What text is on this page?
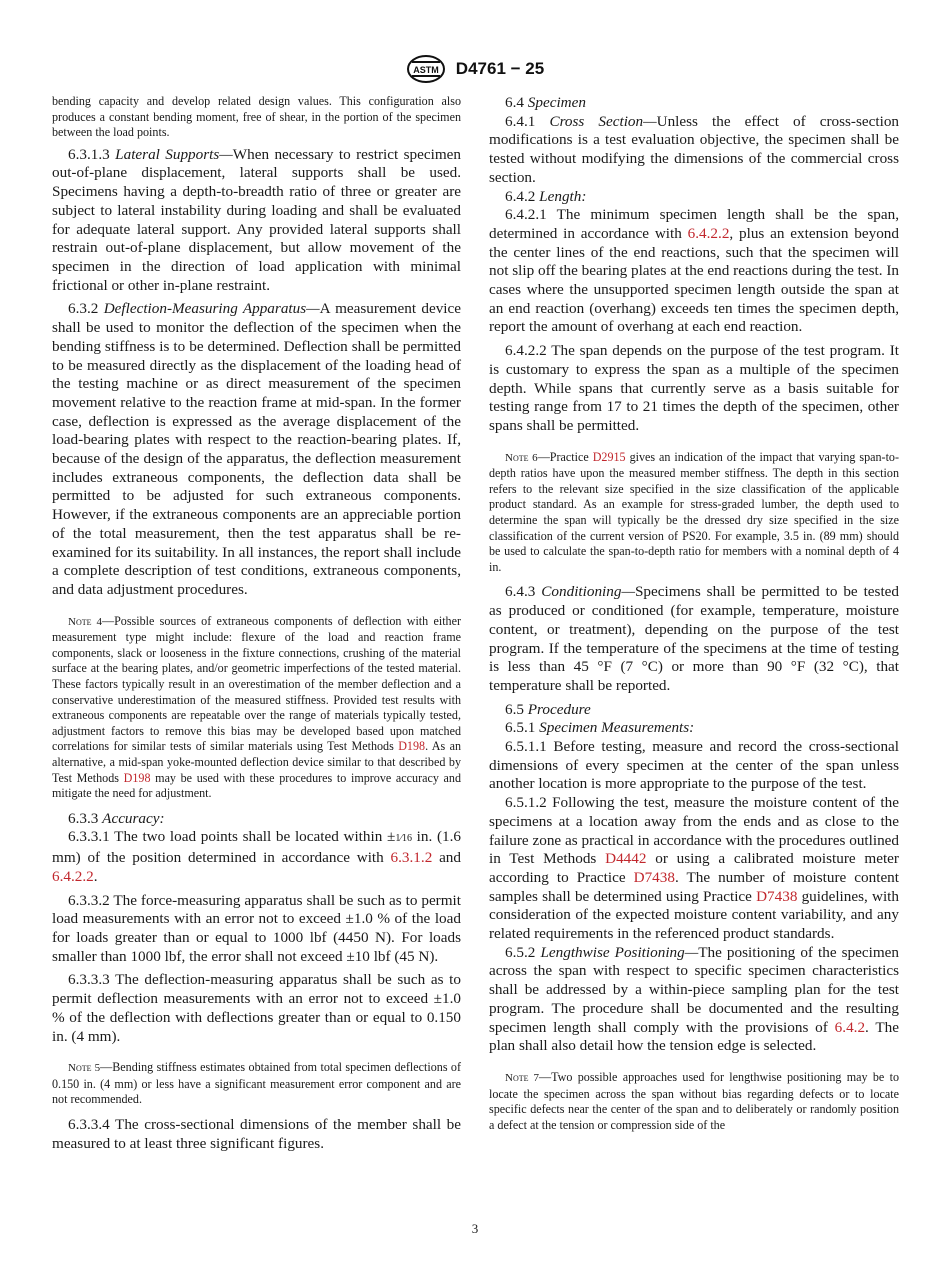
ASTM D4761 − 25

bending capacity and develop related design values. This configuration also produces a constant bending moment, free of shear, in the portion of the specimen between the load points.

6.3.1.3 Lateral Supports—When necessary to restrict specimen out-of-plane displacement, lateral supports shall be used. Specimens having a depth-to-breadth ratio of three or greater are subject to lateral instability during loading and shall be evaluated for adequate lateral support. Any provided lateral supports shall restrain out-of-plane displacement, but allow movement of the specimen in the direction of load application with minimal frictional or other in-plane restraint.

6.3.2 Deflection-Measuring Apparatus—A measurement device shall be used to monitor the deflection of the specimen when the bending stiffness is to be determined. Deflection shall be permitted to be measured directly as the displacement of the loading head of the testing machine or as direct measurement of the specimen movement relative to the reaction frame at mid-span. In the former case, deflection is expressed as the average displacement of the load-bearing plates with respect to the reaction-bearing plates. If, because of the design of the apparatus, the deflection measurement includes extraneous components, the deflection data shall be permitted to be adjusted for such extraneous components. However, if the extraneous components are an appreciable portion of the total measurement, then the test apparatus shall be re-examined for its suitability. In all instances, the report shall include a complete description of test conditions, extraneous components, and data adjustment procedures.

Note 4—Possible sources of extraneous components of deflection with either measurement type might include: flexure of the load and reaction frame components, slack or looseness in the fixture connections, crushing of the material surface at the bearing plates, and/or geometric imperfections of the tested material. These factors typically result in an overestimation of the member deflection and a conservative underestimation of the measured stiffness. Provided test results with extraneous components are repeatable over the range of materials typically tested, adjustment factors to remove this bias may be developed based upon matched correlations for similar tests of similar materials using Test Methods D198. As an alternative, a mid-span yoke-mounted deflection device similar to that described by Test Methods D198 may be used with these procedures to improve accuracy and mitigate the need for adjustment.

6.3.3 Accuracy:

6.3.3.1 The two load points shall be located within ±1⁄16 in. (1.6 mm) of the position determined in accordance with 6.3.1.2 and 6.4.2.2.

6.3.3.2 The force-measuring apparatus shall be such as to permit load measurements with an error not to exceed ±1.0 % of the load for loads greater than or equal to 1000 lbf (4450 N). For loads smaller than 1000 lbf, the error shall not exceed ±10 lbf (45 N).

6.3.3.3 The deflection-measuring apparatus shall be such as to permit deflection measurements with an error not to exceed ±1.0 % of the deflection with deflections greater than or equal to 0.150 in. (4 mm).

Note 5—Bending stiffness estimates obtained from total specimen deflections of 0.150 in. (4 mm) or less have a significant measurement error component and are not recommended.

6.3.3.4 The cross-sectional dimensions of the member shall be measured to at least three significant figures.

6.4 Specimen

6.4.1 Cross Section—Unless the effect of cross-section modifications is a test evaluation objective, the specimen shall be tested without modifying the dimensions of the commercial cross section.

6.4.2 Length:

6.4.2.1 The minimum specimen length shall be the span, determined in accordance with 6.4.2.2, plus an extension beyond the center lines of the end reactions, such that the specimen will not slip off the bearing plates at the end reactions during the test. In cases where the unsupported specimen length outside the span at an end reaction (overhang) exceeds ten times the specimen depth, report the amount of overhang at each end reaction.

6.4.2.2 The span depends on the purpose of the test program. It is customary to express the span as a multiple of the specimen depth. While spans that currently serve as a basis suitable for testing range from 17 to 21 times the depth of the specimen, other spans shall be permitted.

Note 6—Practice D2915 gives an indication of the impact that varying span-to-depth ratios have upon the measured member stiffness. The depth in this section refers to the relevant size specified in the size classification of the applicable product standard. As an example for stress-graded lumber, the depth used to determine the span will typically be the dressed dry size specified in the size classification of the current version of PS20. For example, 3.5 in. (89 mm) should be used to calculate the span-to-depth ratio for members with a nominal depth of 4 in.

6.4.3 Conditioning—Specimens shall be permitted to be tested as produced or conditioned (for example, temperature, moisture content, or treatment), depending on the purpose of the test program. If the temperature of the specimens at the time of testing is less than 45 °F (7 °C) or more than 90 °F (32 °C), that temperature shall be reported.

6.5 Procedure

6.5.1 Specimen Measurements:

6.5.1.1 Before testing, measure and record the cross-sectional dimensions of every specimen at the center of the span unless another location is more appropriate to the purpose of the test.

6.5.1.2 Following the test, measure the moisture content of the specimens at a location away from the ends and as close to the failure zone as practical in accordance with the procedures outlined in Test Methods D4442 or using a calibrated moisture meter according to Practice D7438. The number of moisture content samples shall be determined using Practice D7438 guidelines, with consideration of the expected moisture content variability, and any related requirements in the referenced product standards.

6.5.2 Lengthwise Positioning—The positioning of the specimen across the span with respect to specific specimen characteristics shall be addressed by a within-piece sampling plan for the test program. The procedure shall be documented and the resulting specimen length shall comply with the provisions of 6.4.2. The plan shall also detail how the tension edge is selected.

Note 7—Two possible approaches used for lengthwise positioning may be to locate the specimen across the span without bias regarding defects or to locate specific defects near the center of the span and to deliberately or randomly position a defect at the tension or compression side of the

3
